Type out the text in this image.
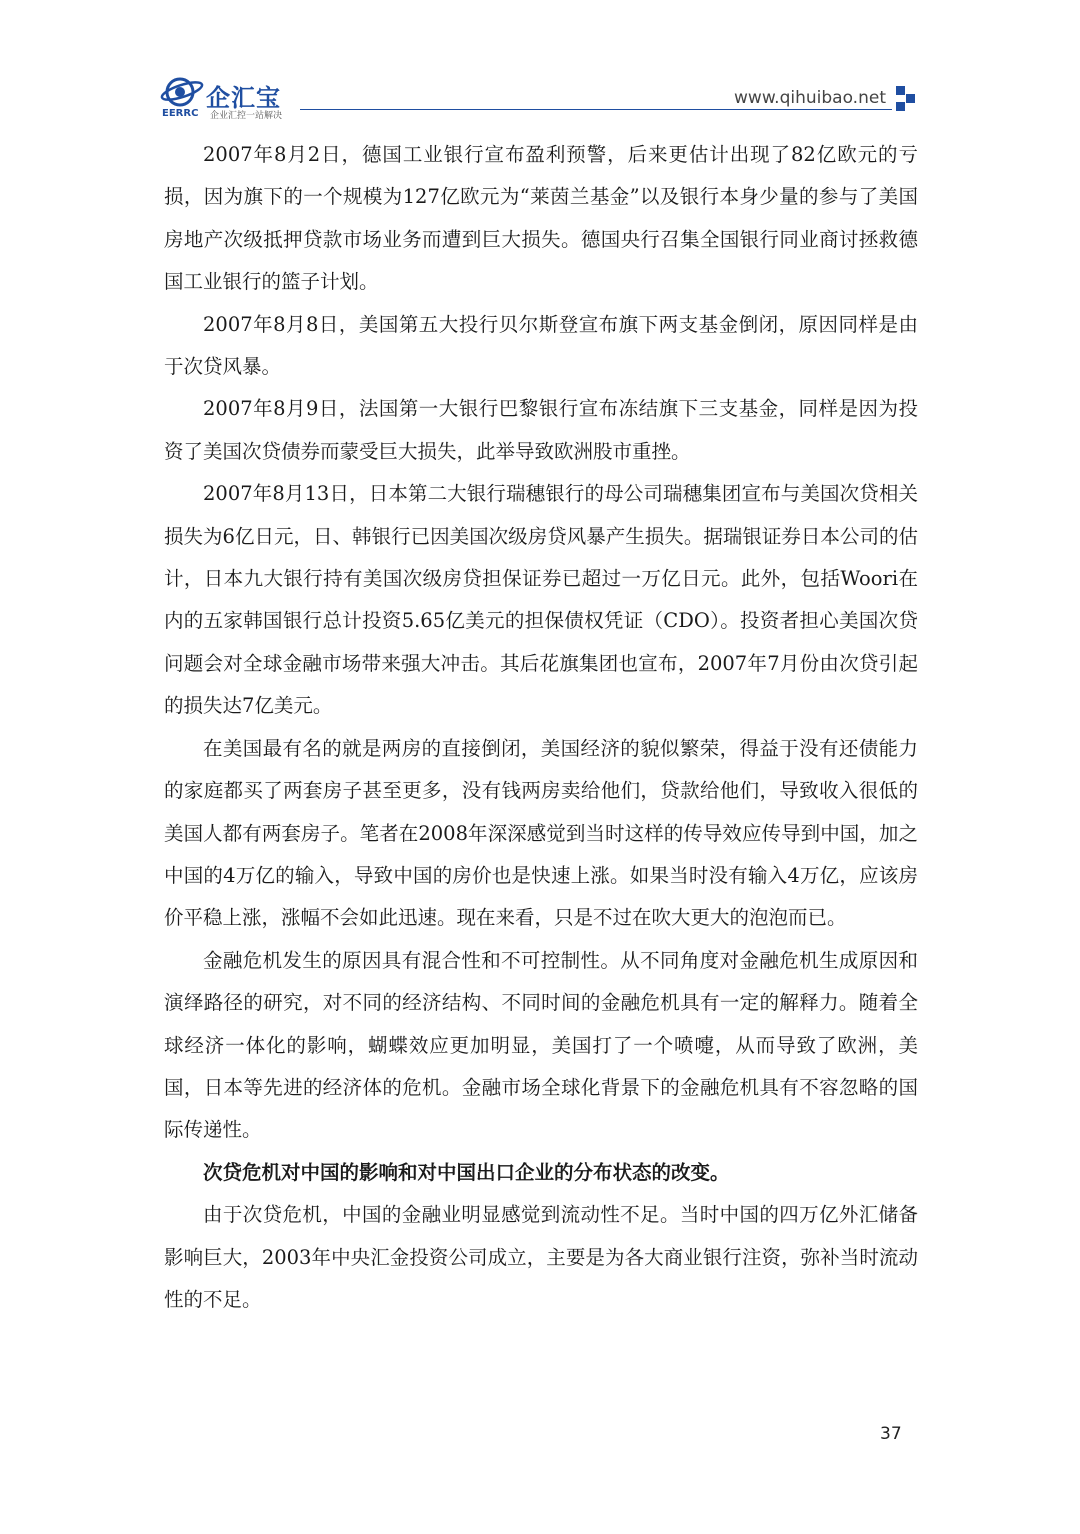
企汇宝
EERRC 企业汇控一站解决
www.qihuibao.net

2007年8月2日，德国工业银行宣布盈利预警，后来更估计出现了82亿欧元的亏损，因为旗下的一个规模为127亿欧元为“莱茵兰基金”以及银行本身少量的参与了美国房地产次级抵押贷款市场业务而遭到巨大损失。德国央行召集全国银行同业商讨拯救德国工业银行的篮子计划。

2007年8月8日，美国第五大投行贝尔斯登宣布旗下两支基金倒闭，原因同样是由于次贷风暴。

2007年8月9日，法国第一大银行巴黎银行宣布冻结旗下三支基金，同样是因为投资了美国次贷债券而蒙受巨大损失，此举导致欧洲股市重挫。

2007年8月13日，日本第二大银行瑞穗银行的母公司瑞穗集团宣布与美国次贷相关损失为6亿日元，日、韩银行已因美国次级房贷风暴产生损失。据瑞银证券日本公司的估计，日本九大银行持有美国次级房贷担保证券已超过一万亿日元。此外，包括Woori在内的五家韩国银行总计投资5.65亿美元的担保债权凭证（CDO）。投资者担心美国次贷问题会对全球金融市场带来强大冲击。其后花旗集团也宣布，2007年7月份由次贷引起的损失达7亿美元。

在美国最有名的就是两房的直接倒闭，美国经济的貌似繁荣，得益于没有还债能力的家庭都买了两套房子甚至更多，没有钱两房卖给他们，贷款给他们，导致收入很低的美国人都有两套房子。笔者在2008年深深感觉到当时这样的传导效应传导到中国，加之中国的4万亿的输入，导致中国的房价也是快速上涨。如果当时没有输入4万亿，应该房价平稳上涨，涨幅不会如此迅速。现在来看，只是不过在吹大更大的泡泡而已。

金融危机发生的原因具有混合性和不可控制性。从不同角度对金融危机生成原因和演绎路径的研究，对不同的经济结构、不同时间的金融危机具有一定的解释力。随着全球经济一体化的影响，蝴蝶效应更加明显，美国打了一个喷嚏，从而导致了欧洲，美国，日本等先进的经济体的危机。金融市场全球化背景下的金融危机具有不容忽略的国际传递性。

次贷危机对中国的影响和对中国出口企业的分布状态的改变。

由于次贷危机，中国的金融业明显感觉到流动性不足。当时中国的四万亿外汇储备影响巨大，2003年中央汇金投资公司成立，主要是为各大商业银行注资，弥补当时流动性的不足。

37
